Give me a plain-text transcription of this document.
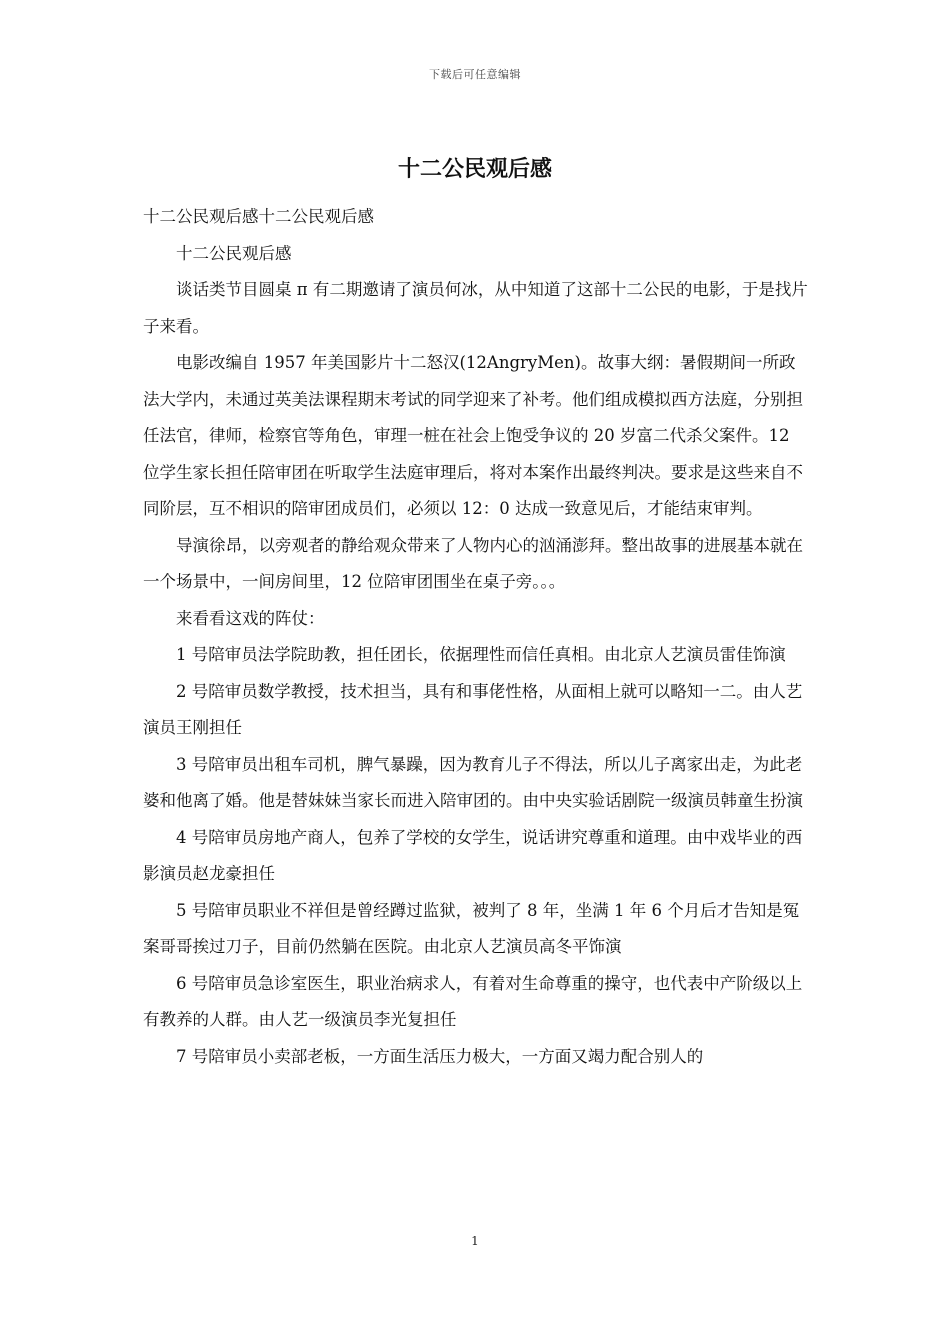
下载后可任意编辑
十二公民观后感

十二公民观后感十二公民观后感

十二公民观后感

谈话类节目圆桌 π 有二期邀请了演员何冰，从中知道了这部十二公民的电影，于是找片子来看。

电影改编自 1957 年美国影片十二怒汉(12AngryMen)。故事大纲：暑假期间一所政法大学内，未通过英美法课程期末考试的同学迎来了补考。他们组成模拟西方法庭，分别担任法官，律师，检察官等角色，审理一桩在社会上饱受争议的 20 岁富二代杀父案件。12 位学生家长担任陪审团在听取学生法庭审理后，将对本案作出最终判决。要求是这些来自不同阶层，互不相识的陪审团成员们，必须以 12：0 达成一致意见后，才能结束审判。

导演徐昂，以旁观者的静给观众带来了人物内心的汹涌澎拜。整出故事的进展基本就在一个场景中，一间房间里，12 位陪审团围坐在桌子旁。。。

来看看这戏的阵仗：

1 号陪审员法学院助教，担任团长，依据理性而信任真相。由北京人艺演员雷佳饰演

2 号陪审员数学教授，技术担当，具有和事佬性格，从面相上就可以略知一二。由人艺演员王刚担任

3 号陪审员出租车司机，脾气暴躁，因为教育儿子不得法，所以儿子离家出走，为此老婆和他离了婚。他是替妹妹当家长而进入陪审团的。由中央实验话剧院一级演员韩童生扮演

4 号陪审员房地产商人，包养了学校的女学生，说话讲究尊重和道理。由中戏毕业的西影演员赵龙豪担任

5 号陪审员职业不祥但是曾经蹲过监狱，被判了 8 年，坐满 1 年 6 个月后才告知是冤案哥哥挨过刀子，目前仍然躺在医院。由北京人艺演员高冬平饰演

6 号陪审员急诊室医生，职业治病求人，有着对生命尊重的操守，也代表中产阶级以上有教养的人群。由人艺一级演员李光复担任

7 号陪审员小卖部老板，一方面生活压力极大，一方面又竭力配合别人的

1
